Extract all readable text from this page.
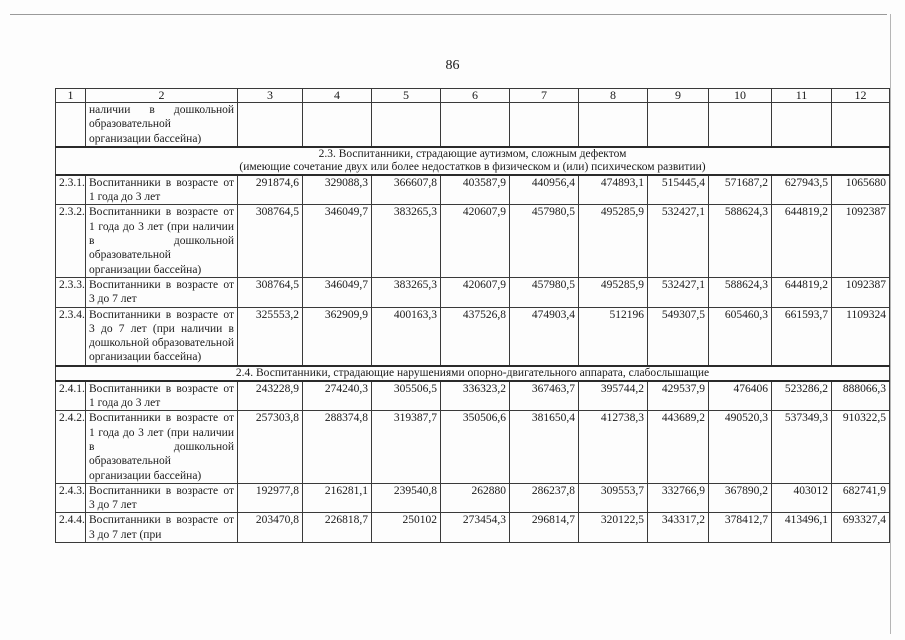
86
1	2	3	4	5	6	7	8	9	10	11	12
	наличии в дошкольной образовательной организации бассейна)										

2.3. Воспитанники, страдающие аутизмом, сложным дефектом
(имеющие сочетание двух или более недостатков в физическом и (или) психическом развитии)											

2.3.1.	Воспитанники в возрасте от 1 года до 3 лет	291874,6	329088,3	366607,8	403587,9	440956,4	474893,1	515445,4	571687,2	627943,5	1065680
2.3.2.	Воспитанники в возрасте от 1 года до 3 лет (при наличии в дошкольной образовательной организации бассейна)	308764,5	346049,7	383265,3	420607,9	457980,5	495285,9	532427,1	588624,3	644819,2	1092387
2.3.3.	Воспитанники в возрасте от 3 до 7 лет	308764,5	346049,7	383265,3	420607,9	457980,5	495285,9	532427,1	588624,3	644819,2	1092387
2.3.4.	Воспитанники в возрасте от 3 до 7 лет (при наличии в дошкольной образовательной организации бассейна)	325553,2	362909,9	400163,3	437526,8	474903,4	512196	549307,5	605460,3	661593,7	1109324

2.4. Воспитанники, страдающие нарушениями опорно-двигательного аппарата, слабослышащие											

2.4.1.	Воспитанники в возрасте от 1 года до 3 лет	243228,9	274240,3	305506,5	336323,2	367463,7	395744,2	429537,9	476406	523286,2	888066,3
2.4.2.	Воспитанники в возрасте от 1 года до 3 лет (при наличии в дошкольной образовательной организации бассейна)	257303,8	288374,8	319387,7	350506,6	381650,4	412738,3	443689,2	490520,3	537349,3	910322,5
2.4.3.	Воспитанники в возрасте от 3 до 7 лет	192977,8	216281,1	239540,8	262880	286237,8	309553,7	332766,9	367890,2	403012	682741,9
2.4.4.	Воспитанники в возрасте от 3 до 7 лет (при	203470,8	226818,7	250102	273454,3	296814,7	320122,5	343317,2	378412,7	413496,1	693327,4
